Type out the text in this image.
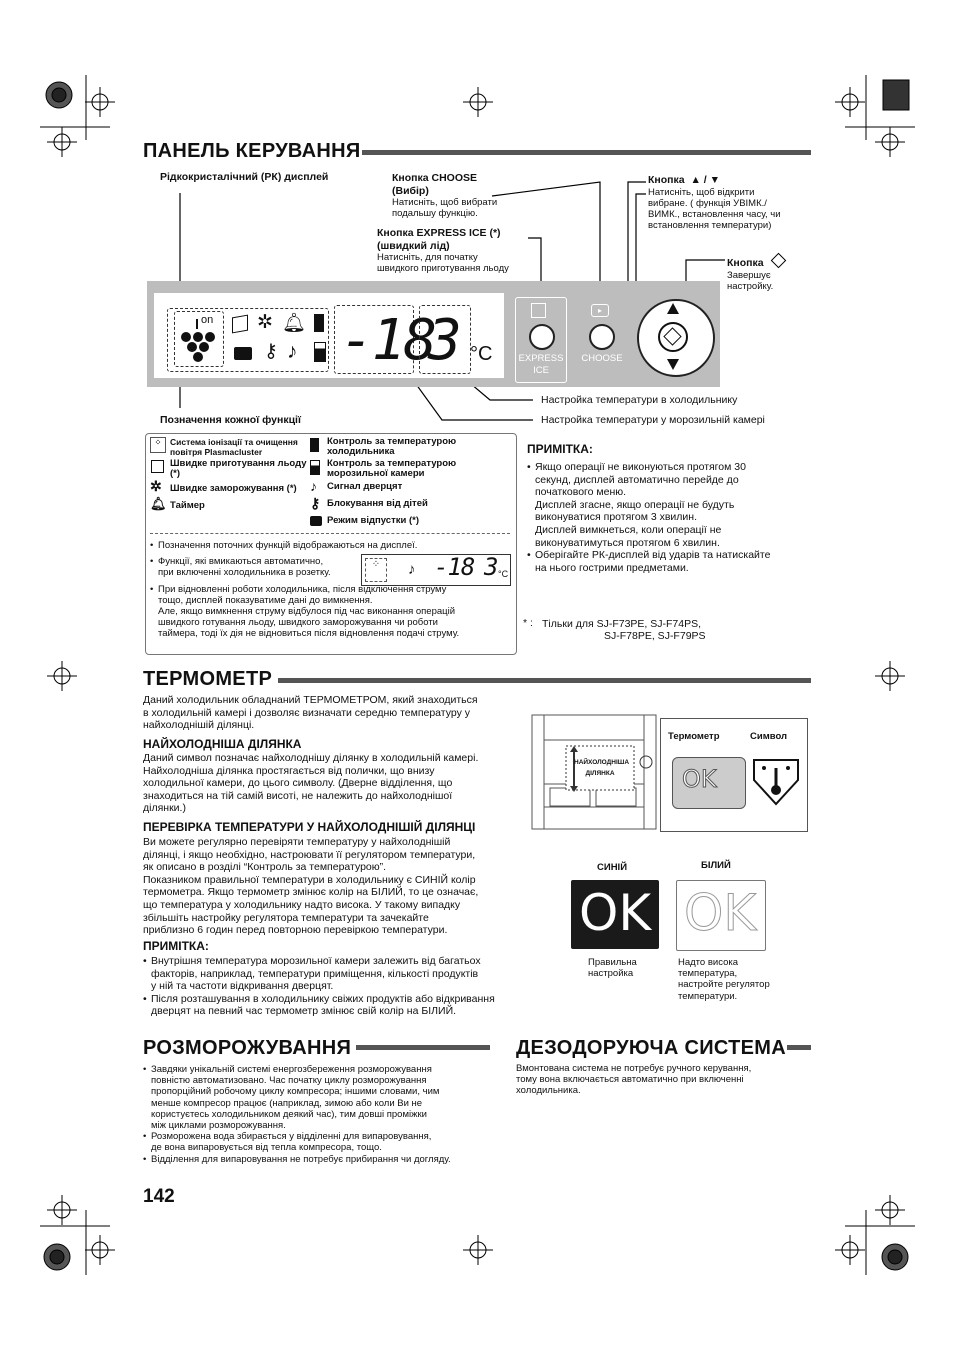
ПАНЕЛЬ КЕРУВАННЯ
Рідкокристалічний (РК) дисплей	Кнопка CHOOSE
(Вибір)
Натисніть, щоб вибрати
подальшу функцію.
Кнопка EXPRESS ICE (*)
(швидкий лід)
Натисніть, для початку
швидкого приготування льоду
Кнопка ▲ / ▼
Натисніть, щоб відкрити
вибране. ( функція УВІМК./
ВИМК., встановлення часу, чи
встановлення температури)
Кнопка
Завершує
настройку.
on ✲ 🔔︎
⚷ ♪ -18
3 °C	EXPRESS
ICE
▸
CHOOSE
Позначення кожної функції
Настройка температури в холодильнику
Настройка температури у морозильній камері
⁘	Система іонізації та очищення повітря Plasmacluster
Швидке приготування льоду (*)
✲ Швидке заморожування (*)
🔔︎ Таймер
Контроль за температурою холодильника
Контроль за температурою морозильної камери
♪ Сигнал дверцят
⚷ Блокування від дітей
Режим відпустки (*)
• Позначення поточних функцій відображаються на дисплеї.
• Функції, які вмикаються автоматично,
при включенні холодильника в розетку.
• При відновленні роботи холодильника, після відключення струму
тощо, дисплей показуватиме дані до вимкнення.
Але, якщо вимкнення струму відбулося під час виконання операцій
швидкого готування льоду, швидкого заморожування чи роботи
таймера, тоді їх дія не відновиться після відновлення подачі струму.
⁘	♪ -18 3 °C
ПРИМІТКА:
• Якщо операції не виконуються протягом 30
секунд, дисплей автоматично перейде до
початкового меню.
Дисплей згасне, якщо операції не будуть
виконуватися протягом 3 хвилин.
Дисплей вимкнеться, коли операції не
виконуватимуться протягом 6 хвилин.
• Оберігайте РК-дисплей від ударів та натискайте
на нього гострими предметами.
* : Тільки для SJ-F73PE, SJ-F74PS,
SJ-F78PE, SJ-F79PS
ТЕРМОМЕТР
Даний холодильник обладнаний ТЕРМОМЕТРОМ, який знаходиться
в холодильній камері і дозволяє визначати середню температуру у
найхолоднішій ділянці.
НАЙХОЛОДНІША ДІЛЯНКА
Даний символ позначає найхолоднішу ділянку в холодильній камері.
Найхолодніша ділянка простягається від полички, що внизу
холодильної камери, до цього символу. (Дверне відділення, що
знаходиться на тій самій висоті, не належить до найхолоднішої
ділянки.)
ПЕРЕВІРКА ТЕМПЕРАТУРИ У НАЙХОЛОДНІШІЙ ДІЛЯНЦІ
Ви можете регулярно перевіряти температуру у найхолоднішій
ділянці, і якщо необхідно, настроювати її регулятором температури,
як описано в розділі “Контроль за температурою”.
Показником правильної температури в холодильнику є СИНІЙ колір
термометра. Якщо термометр змінює колір на БІЛИЙ, то це означає,
що температура у холодильнику надто висока. У такому випадку
збільшіть настройку регулятора температури та зачекайте
приблизно 6 годин перед повторною перевіркою температури.
ПРИМІТКА:
• Внутрішня температура морозильної камери залежить від багатьох
факторів, наприклад, температури приміщення, кількості продуктів
у ній та частоти відкривання дверцят.
• Після розташування в холодильнику свіжих продуктів або відкривання
дверцят на певний час термометр змінює свій колір на БІЛИЙ.
НАЙХОЛОДНІША
ДІЛЯНКА
Термометр	Символ
OK
СИНІЙ	БІЛИЙ
OK OK
Правильна
настройка
Надто висока
температура,
настройте регулятор
температури.
РОЗМОРОЖУВАННЯ
• Завдяки унікальній системі енергозбереження розморожування
повністю автоматизовано. Час початку циклу розморожування
пропорційний робочому циклу компресора; іншими словами, чим
менше компресор працює (наприклад, зимою або коли Ви не
користуєтесь холодильником деякий час), тим довші проміжки
між циклами розморожування.
• Розморожена вода збирається у відділенні для випаровування,
де вона випаровується від тепла компресора, тощо.
• Відділення для випаровування не потребує прибирання чи догляду.
ДЕЗОДОРУЮЧА СИСТЕМА
Вмонтована система не потребує ручного керування,
тому вона включається автоматично при включенні
холодильника.
142
